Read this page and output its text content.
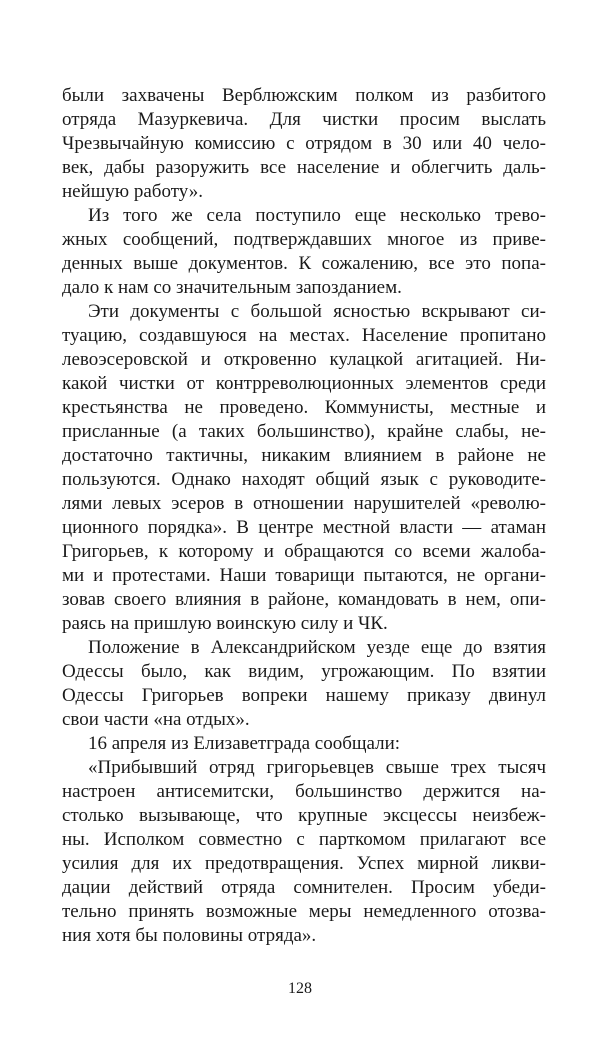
были захвачены Верблюжским полком из разбитого
отряда Мазуркевича. Для чистки просим выслать
Чрезвычайную комиссию с отрядом в 30 или 40 чело-
век, дабы разоружить все население и облегчить даль-
нейшую работу».
Из того же села поступило еще несколько трево-
жных сообщений, подтверждавших многое из приве-
денных выше документов. К сожалению, все это попа-
дало к нам со значительным запозданием.
Эти документы с большой ясностью вскрывают си-
туацию, создавшуюся на местах. Население пропитано
левоэсеровской и откровенно кулацкой агитацией. Ни-
какой чистки от контрреволюционных элементов среди
крестьянства не проведено. Коммунисты, местные и
присланные (а таких большинство), крайне слабы, не-
достаточно тактичны, никаким влиянием в районе не
пользуются. Однако находят общий язык с руководите-
лями левых эсеров в отношении нарушителей «револю-
ционного порядка». В центре местной власти — атаман
Григорьев, к которому и обращаются со всеми жалоба-
ми и протестами. Наши товарищи пытаются, не органи-
зовав своего влияния в районе, командовать в нем, опи-
раясь на пришлую воинскую силу и ЧК.
Положение в Александрийском уезде еще до взятия
Одессы было, как видим, угрожающим. По взятии
Одессы Григорьев вопреки нашему приказу двинул
свои части «на отдых».
16 апреля из Елизаветграда сообщали:
«Прибывший отряд григорьевцев свыше трех тысяч
настроен антисемитски, большинство держится на-
столько вызывающе, что крупные эксцессы неизбеж-
ны. Исполком совместно с парткомом прилагают все
усилия для их предотвращения. Успех мирной ликви-
дации действий отряда сомнителен. Просим убеди-
тельно принять возможные меры немедленного отозва-
ния хотя бы половины отряда».
128
